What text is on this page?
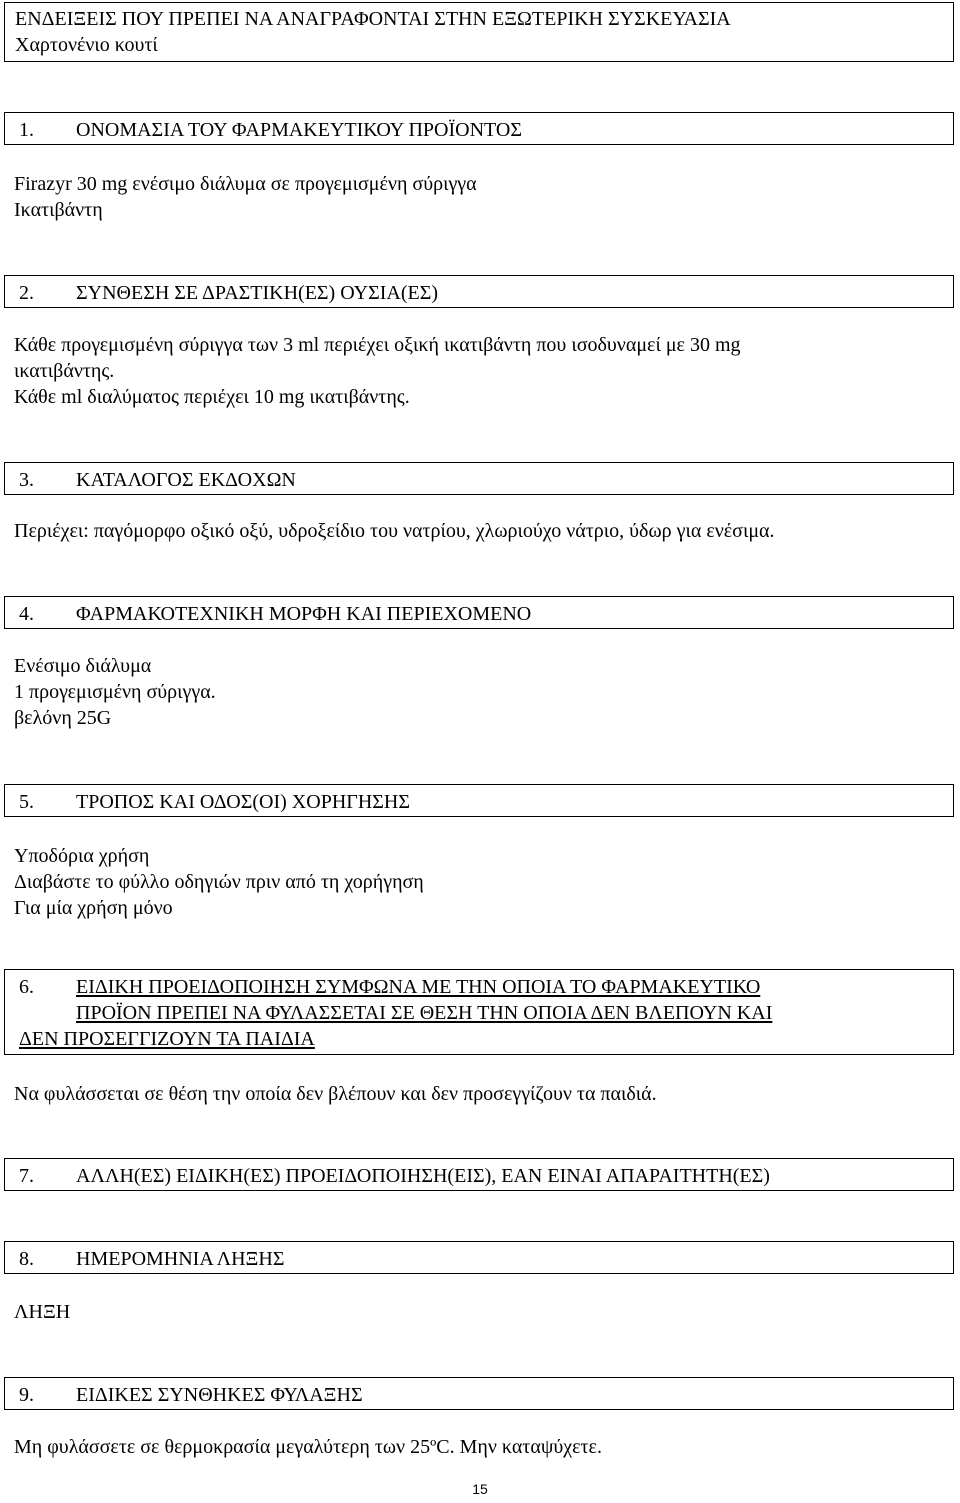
ΕΝΔΕΙΞΕΙΣ ΠΟΥ ΠΡΕΠΕΙ ΝΑ ΑΝΑΓΡΑΦΟΝΤΑΙ ΣΤΗΝ ΕΞΩΤΕΡΙΚΗ ΣΥΣΚΕΥΑΣΙΑ
Χαρτονένιο κουτί
1.	ΟΝΟΜΑΣΙΑ ΤΟΥ ΦΑΡΜΑΚΕΥΤΙΚΟΥ ΠΡΟΪΟΝΤΟΣ
Firazyr 30 mg ενέσιμο διάλυμα σε προγεμισμένη σύριγγα
Ικατιβάντη
2.	ΣΥΝΘΕΣΗ ΣΕ ΔΡΑΣΤΙΚΗ(ΕΣ) ΟΥΣΙΑ(ΕΣ)
Κάθε προγεμισμένη σύριγγα των 3 ml περιέχει οξική ικατιβάντη που ισοδυναμεί με 30 mg
ικατιβάντης.
Κάθε ml διαλύματος περιέχει 10 mg ικατιβάντης.
3.	ΚΑΤΑΛΟΓΟΣ ΕΚΔΟΧΩΝ
Περιέχει: παγόμορφο οξικό οξύ, υδροξείδιο του νατρίου, χλωριούχο νάτριο, ύδωρ για ενέσιμα.
4.	ΦΑΡΜΑΚΟΤΕΧΝΙΚΗ ΜΟΡΦΗ ΚΑΙ ΠΕΡΙΕΧΟΜΕΝΟ
Ενέσιμο διάλυμα
1 προγεμισμένη σύριγγα.
βελόνη 25G
5.	ΤΡΟΠΟΣ ΚΑΙ ΟΔΟΣ(ΟΙ) ΧΟΡΗΓΗΣΗΣ
Υποδόρια χρήση
Διαβάστε το φύλλο οδηγιών πριν από τη χορήγηση
Για μία χρήση μόνο
6.	ΕΙΔΙΚΗ ΠΡΟΕΙΔΟΠΟΙΗΣΗ ΣΥΜΦΩΝΑ ΜΕ ΤΗΝ ΟΠΟΙΑ ΤΟ ΦΑΡΜΑΚΕΥΤΙΚΟ
ΠΡΟΪΟΝ ΠΡΕΠΕΙ ΝΑ ΦΥΛΑΣΣΕΤΑΙ ΣΕ ΘΕΣΗ ΤΗΝ ΟΠΟΙΑ ΔΕΝ ΒΛΕΠΟΥΝ ΚΑΙ
ΔΕΝ ΠΡΟΣΕΓΓΙΖΟΥΝ ΤΑ ΠΑΙΔΙΑ
Να φυλάσσεται σε θέση την οποία δεν βλέπουν και δεν προσεγγίζουν τα παιδιά.
7.	ΑΛΛΗ(ΕΣ) ΕΙΔΙΚΗ(ΕΣ) ΠΡΟΕΙΔΟΠΟΙΗΣΗ(ΕΙΣ), ΕΑΝ ΕΙΝΑΙ ΑΠΑΡΑΙΤΗΤΗ(ΕΣ)
8.	ΗΜΕΡΟΜΗΝΙΑ ΛΗΞΗΣ
ΛΗΞΗ
9.	ΕΙΔΙΚΕΣ ΣΥΝΘΗΚΕΣ ΦΥΛΑΞΗΣ
Μη φυλάσσετε σε θερμοκρασία μεγαλύτερη των 25ºC. Μην καταψύχετε.
15
